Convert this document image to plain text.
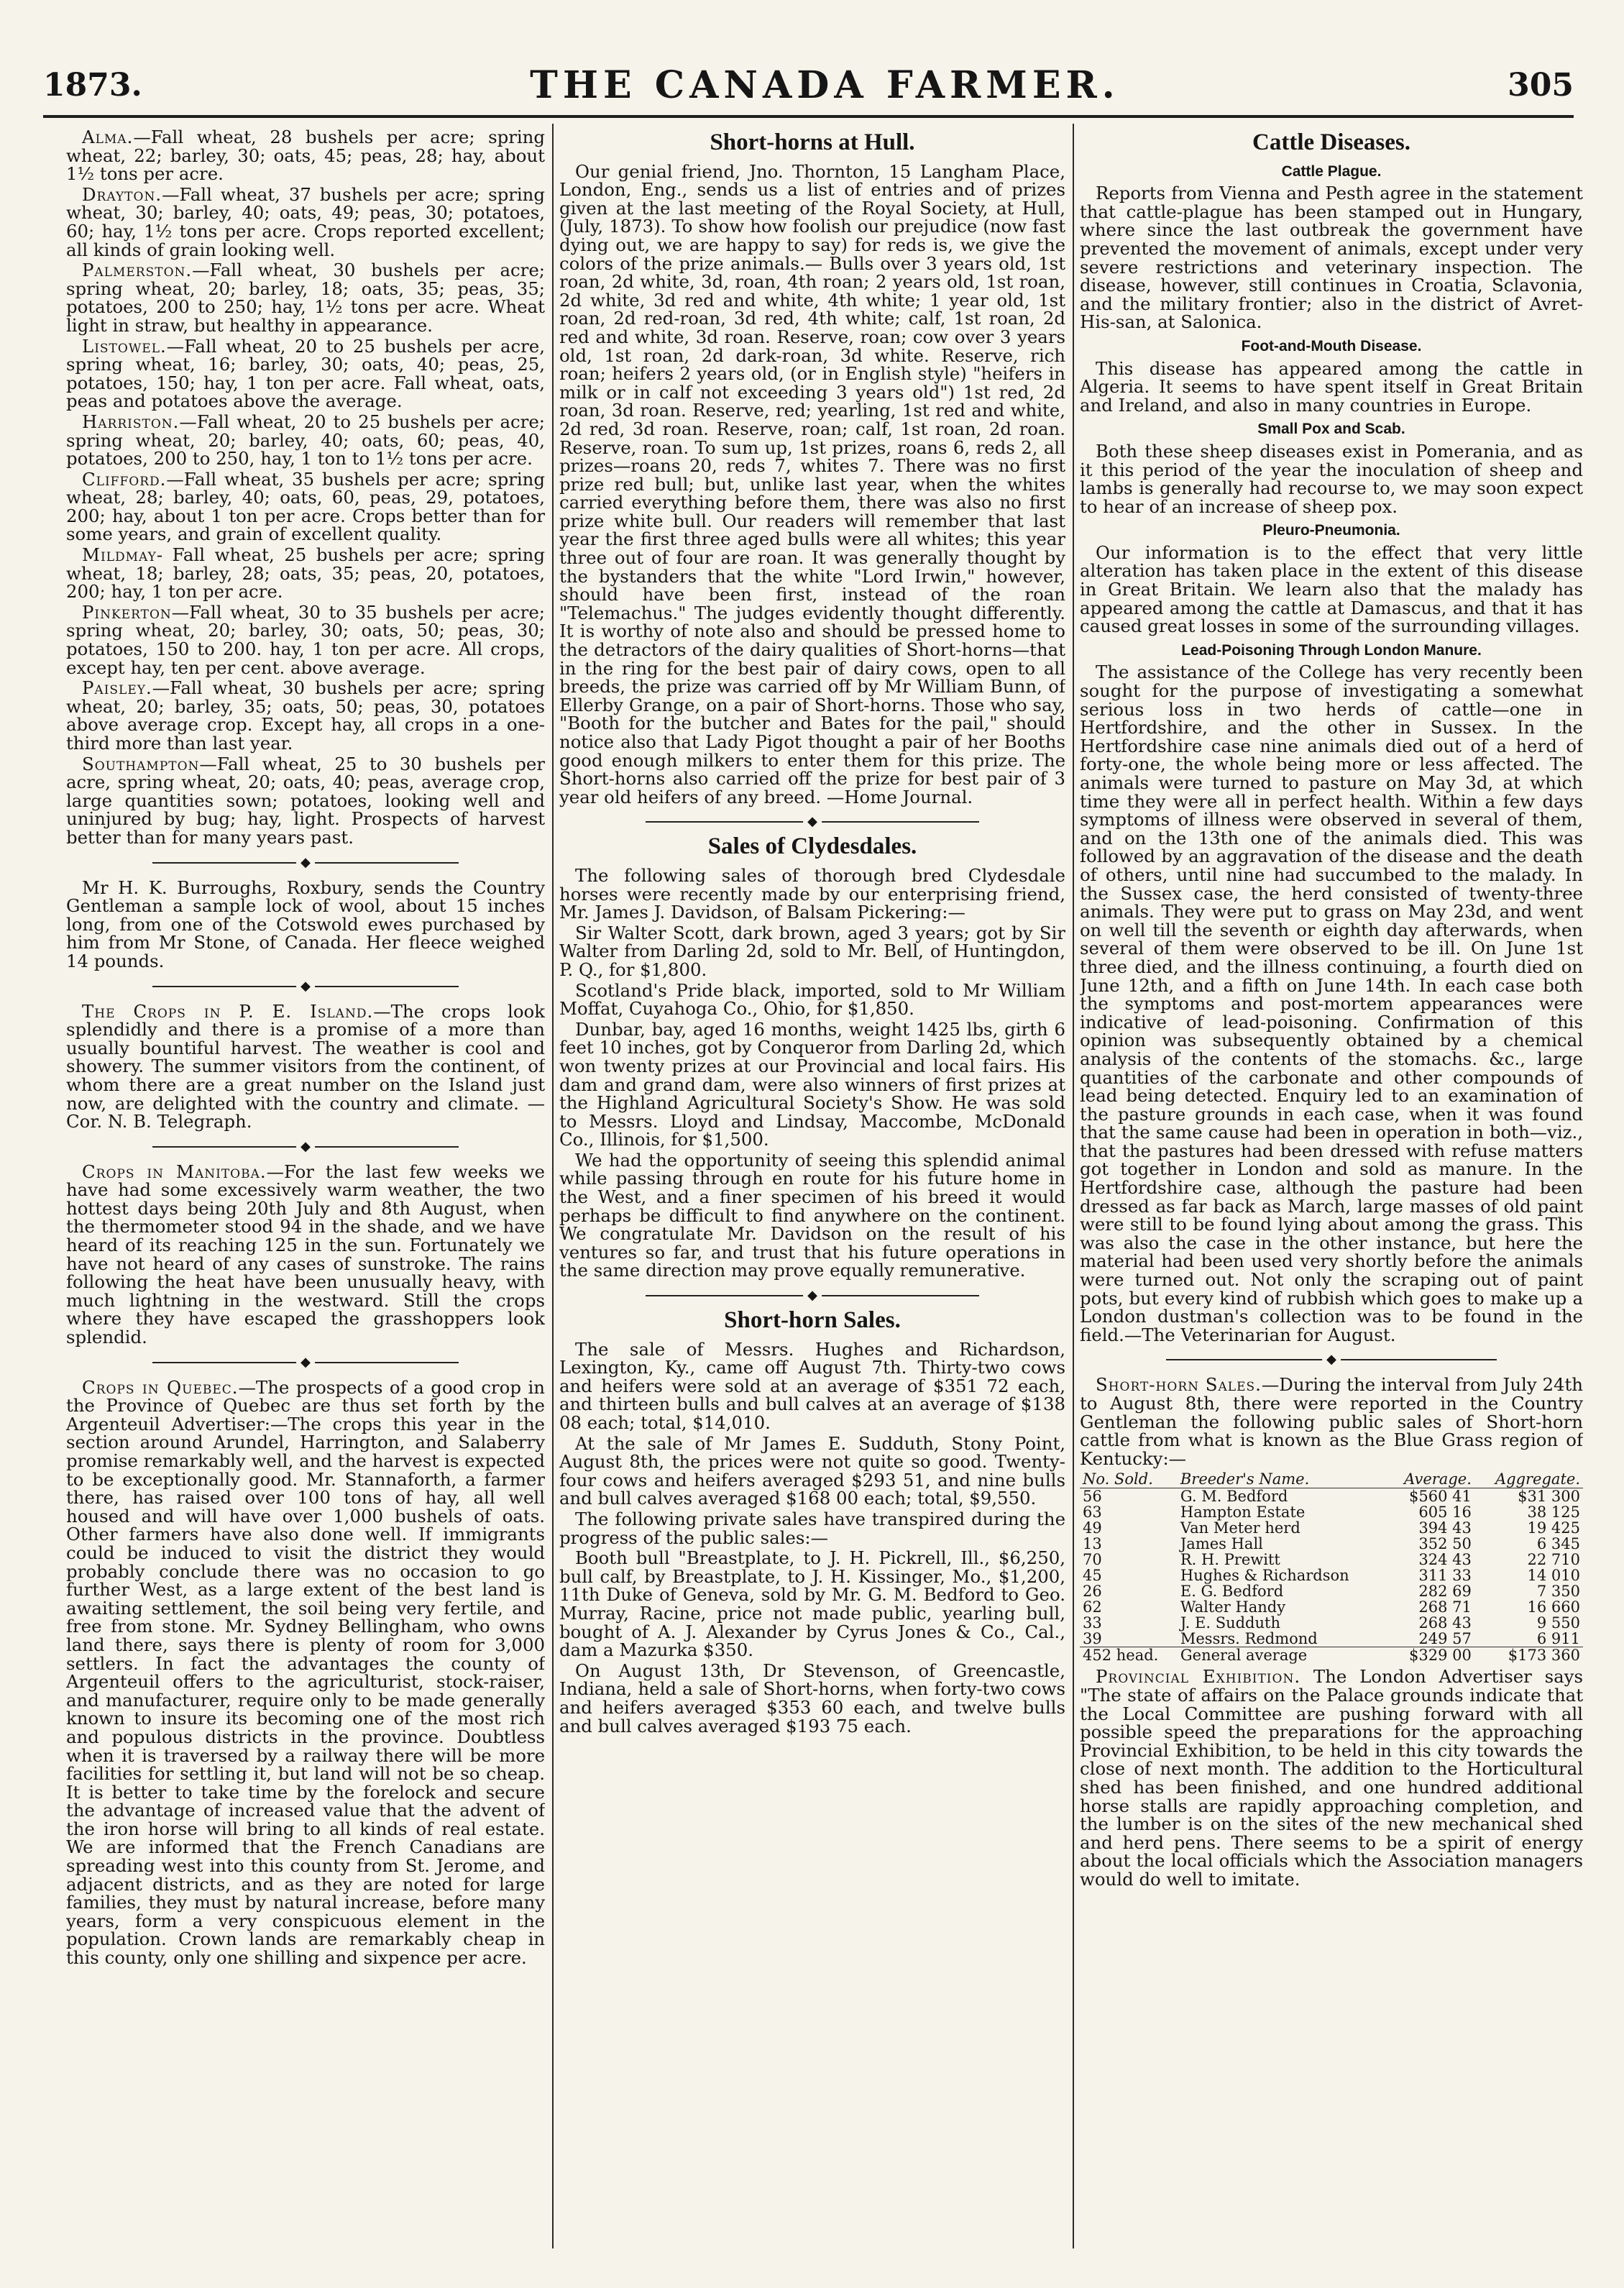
1873.	THE CANADA FARMER.	305

Alma.—Fall wheat, 28 bushels per acre; spring wheat, 22; barley, 30; oats, 45; peas, 28; hay, about 1½ tons per acre.

Drayton.—Fall wheat, 37 bushels per acre; spring wheat, 30; barley, 40; oats, 49; peas, 30; potatoes, 60; hay, 1½ tons per acre. Crops reported excellent; all kinds of grain looking well.

Palmerston.—Fall wheat, 30 bushels per acre; spring wheat, 20; barley, 18; oats, 35; peas, 35; potatoes, 200 to 250; hay, 1½ tons per acre. Wheat light in straw, but healthy in appearance.

Listowel.—Fall wheat, 20 to 25 bushels per acre, spring wheat, 16; barley, 30; oats, 40; peas, 25, potatoes, 150; hay, 1 ton per acre. Fall wheat, oats, peas and potatoes above the average.

Harriston.—Fall wheat, 20 to 25 bushels per acre; spring wheat, 20; barley, 40; oats, 60; peas, 40, potatoes, 200 to 250, hay, 1 ton to 1½ tons per acre.

Clifford.—Fall wheat, 35 bushels per acre; spring wheat, 28; barley, 40; oats, 60, peas, 29, potatoes, 200; hay, about 1 ton per acre. Crops better than for some years, and grain of excellent quality.

Mildmay- Fall wheat, 25 bushels per acre; spring wheat, 18; barley, 28; oats, 35; peas, 20, potatoes, 200; hay, 1 ton per acre.

Pinkerton—Fall wheat, 30 to 35 bushels per acre; spring wheat, 20; barley, 30; oats, 50; peas, 30; potatoes, 150 to 200. hay, 1 ton per acre. All crops, except hay, ten per cent. above average.

Paisley.—Fall wheat, 30 bushels per acre; spring wheat, 20; barley, 35; oats, 50; peas, 30, potatoes above average crop. Except hay, all crops in a one-third more than last year.

Southampton—Fall wheat, 25 to 30 bushels per acre, spring wheat, 20; oats, 40; peas, average crop, large quantities sown; potatoes, looking well and uninjured by bug; hay, light. Prospects of harvest better than for many years past.

◆

Mr H. K. Burroughs, Roxbury, sends the Country Gentleman a sample lock of wool, about 15 inches long, from one of the Cotswold ewes purchased by him from Mr Stone, of Canada. Her fleece weighed 14 pounds.

◆

The Crops in P. E. Island.—The crops look splendidly and there is a promise of a more than usually bountiful harvest. The weather is cool and showery. The summer visitors from the continent, of whom there are a great number on the Island just now, are delighted with the country and climate. —Cor. N. B. Telegraph.

◆

Crops in Manitoba.—For the last few weeks we have had some excessively warm weather, the two hottest days being 20th July and 8th August, when the thermometer stood 94 in the shade, and we have heard of its reaching 125 in the sun. Fortunately we have not heard of any cases of sunstroke. The rains following the heat have been unusually heavy, with much lightning in the westward. Still the crops where they have escaped the grasshoppers look splendid.

◆

Crops in Quebec.—The prospects of a good crop in the Province of Quebec are thus set forth by the Argenteuil Advertiser:—The crops this year in the section around Arundel, Harrington, and Salaberry promise remarkably well, and the harvest is expected to be exceptionally good. Mr. Stannaforth, a farmer there, has raised over 100 tons of hay, all well housed and will have over 1,000 bushels of oats. Other farmers have also done well. If immigrants could be induced to visit the district they would probably conclude there was no occasion to go further West, as a large extent of the best land is awaiting settlement, the soil being very fertile, and free from stone. Mr. Sydney Bellingham, who owns land there, says there is plenty of room for 3,000 settlers. In fact the advantages the county of Argenteuil offers to the agriculturist, stock-raiser, and manufacturer, require only to be made generally known to insure its becoming one of the most rich and populous districts in the province. Doubtless when it is traversed by a railway there will be more facilities for settling it, but land will not be so cheap. It is better to take time by the forelock and secure the advantage of increased value that the advent of the iron horse will bring to all kinds of real estate. We are informed that the French Canadians are spreading west into this county from St. Jerome, and adjacent districts, and as they are noted for large families, they must by natural increase, before many years, form a very conspicuous element in the population. Crown lands are remarkably cheap in this county, only one shilling and sixpence per acre.

Short-horns at Hull.

Our genial friend, Jno. Thornton, 15 Langham Place, London, Eng., sends us a list of entries and of prizes given at the last meeting of the Royal Society, at Hull, (July, 1873). To show how foolish our prejudice (now fast dying out, we are happy to say) for reds is, we give the colors of the prize animals.— Bulls over 3 years old, 1st roan, 2d white, 3d, roan, 4th roan; 2 years old, 1st roan, 2d white, 3d red and white, 4th white; 1 year old, 1st roan, 2d red-roan, 3d red, 4th white; calf, 1st roan, 2d red and white, 3d roan. Reserve, roan; cow over 3 years old, 1st roan, 2d dark-roan, 3d white. Reserve, rich roan; heifers 2 years old, (or in English style) "heifers in milk or in calf not exceeding 3 years old") 1st red, 2d roan, 3d roan. Reserve, red; yearling, 1st red and white, 2d red, 3d roan. Reserve, roan; calf, 1st roan, 2d roan. Reserve, roan. To sum up, 1st prizes, roans 6, reds 2, all prizes—roans 20, reds 7, whites 7. There was no first prize red bull; but, unlike last year, when the whites carried everything before them, there was also no first prize white bull. Our readers will remember that last year the first three aged bulls were all whites; this year three out of four are roan. It was generally thought by the bystanders that the white "Lord Irwin," however, should have been first, instead of the roan "Telemachus." The judges evidently thought differently. It is worthy of note also and should be pressed home to the detractors of the dairy qualities of Short-horns—that in the ring for the best pair of dairy cows, open to all breeds, the prize was carried off by Mr William Bunn, of Ellerby Grange, on a pair of Short-horns. Those who say, "Booth for the butcher and Bates for the pail," should notice also that Lady Pigot thought a pair of her Booths good enough milkers to enter them for this prize. The Short-horns also carried off the prize for best pair of 3 year old heifers of any breed. —Home Journal.

◆
Sales of Clydesdales.

The following sales of thorough bred Clydesdale horses were recently made by our enterprising friend, Mr. James J. Davidson, of Balsam Pickering:—

Sir Walter Scott, dark brown, aged 3 years; got by Sir Walter from Darling 2d, sold to Mr. Bell, of Huntingdon, P. Q., for $1,800.

Scotland's Pride black, imported, sold to Mr William Moffat, Cuyahoga Co., Ohio, for $1,850.

Dunbar, bay, aged 16 months, weight 1425 lbs, girth 6 feet 10 inches, got by Conqueror from Darling 2d, which won twenty prizes at our Provincial and local fairs. His dam and grand dam, were also winners of first prizes at the Highland Agricultural Society's Show. He was sold to Messrs. Lloyd and Lindsay, Maccombe, McDonald Co., Illinois, for $1,500.

We had the opportunity of seeing this splendid animal while passing through en route for his future home in the West, and a finer specimen of his breed it would perhaps be difficult to find anywhere on the continent. We congratulate Mr. Davidson on the result of his ventures so far, and trust that his future operations in the same direction may prove equally remunerative.

◆
Short-horn Sales.

The sale of Messrs. Hughes and Richardson, Lexington, Ky., came off August 7th. Thirty-two cows and heifers were sold at an average of $351 72 each, and thirteen bulls and bull calves at an average of $138 08 each; total, $14,010.

At the sale of Mr James E. Sudduth, Stony Point, August 8th, the prices were not quite so good. Twenty-four cows and heifers averaged $293 51, and nine bulls and bull calves averaged $168 00 each; total, $9,550.

The following private sales have transpired during the progress of the public sales:—

Booth bull "Breastplate, to J. H. Pickrell, Ill., $6,250, bull calf, by Breastplate, to J. H. Kissinger, Mo., $1,200, 11th Duke of Geneva, sold by Mr. G. M. Bedford to Geo. Murray, Racine, price not made public, yearling bull, bought of A. J. Alexander by Cyrus Jones & Co., Cal., dam a Mazurka $350.

On August 13th, Dr Stevenson, of Greencastle, Indiana, held a sale of Short-horns, when forty-two cows and heifers averaged $353 60 each, and twelve bulls and bull calves averaged $193 75 each.

Cattle Diseases.
Cattle Plague.

Reports from Vienna and Pesth agree in the statement that cattle-plague has been stamped out in Hungary, where since the last outbreak the government have prevented the movement of animals, except under very severe restrictions and veterinary inspection. The disease, however, still continues in Croatia, Sclavonia, and the military frontier; also in the district of Avret-His-san, at Salonica.

Foot-and-Mouth Disease.

This disease has appeared among the cattle in Algeria. It seems to have spent itself in Great Britain and Ireland, and also in many countries in Europe.

Small Pox and Scab.

Both these sheep diseases exist in Pomerania, and as it this period of the year the inoculation of sheep and lambs is generally had recourse to, we may soon expect to hear of an increase of sheep pox.

Pleuro-Pneumonia.

Our information is to the effect that very little alteration has taken place in the extent of this disease in Great Britain. We learn also that the malady has appeared among the cattle at Damascus, and that it has caused great losses in some of the surrounding villages.

Lead-Poisoning Through London Manure.

The assistance of the College has very recently been sought for the purpose of investigating a somewhat serious loss in two herds of cattle—one in Hertfordshire, and the other in Sussex. In the Hertfordshire case nine animals died out of a herd of forty-one, the whole being more or less affected. The animals were turned to pasture on May 3d, at which time they were all in perfect health. Within a few days symptoms of illness were observed in several of them, and on the 13th one of the animals died. This was followed by an aggravation of the disease and the death of others, until nine had succumbed to the malady. In the Sussex case, the herd consisted of twenty-three animals. They were put to grass on May 23d, and went on well till the seventh or eighth day afterwards, when several of them were observed to be ill. On June 1st three died, and the illness continuing, a fourth died on June 12th, and a fifth on June 14th. In each case both the symptoms and post-mortem appearances were indicative of lead-poisoning. Confirmation of this opinion was subsequently obtained by a chemical analysis of the contents of the stomachs. &c., large quantities of the carbonate and other compounds of lead being detected. Enquiry led to an examination of the pasture grounds in each case, when it was found that the same cause had been in operation in both—viz., that the pastures had been dressed with refuse matters got together in London and sold as manure. In the Hertfordshire case, although the pasture had been dressed as far back as March, large masses of old paint were still to be found lying about among the grass. This was also the case in the other instance, but here the material had been used very shortly before the animals were turned out. Not only the scraping out of paint pots, but every kind of rubbish which goes to make up a London dustman's collection was to be found in the field.—The Veterinarian for August.

◆

Short-horn Sales.—During the interval from July 24th to August 8th, there were reported in the Country Gentleman the following public sales of Short-horn cattle from what is known as the Blue Grass region of Kentucky:—

No. Sold.	Breeder's Name.	Average.	Aggregate.
56	G. M. Bedford	$560 41	$31 300
63	Hampton Estate	605 16	38 125
49	Van Meter herd	394 43	19 425
13	James Hall	352 50	6 345
70	R. H. Prewitt	324 43	22 710
45	Hughes & Richardson	311 33	14 010
26	E. G. Bedford	282 69	7 350
62	Walter Handy	268 71	16 660
33	J. E. Sudduth	268 43	9 550
39	Messrs. Redmond	249 57	6 911
452 head.	General average	$329 00	$173 360

Provincial Exhibition. The London Advertiser says "The state of affairs on the Palace grounds indicate that the Local Committee are pushing forward with all possible speed the preparations for the approaching Provincial Exhibition, to be held in this city towards the close of next month. The addition to the Horticultural shed has been finished, and one hundred additional horse stalls are rapidly approaching completion, and the lumber is on the sites of the new mechanical shed and herd pens. There seems to be a spirit of energy about the local officials which the Association managers would do well to imitate.
